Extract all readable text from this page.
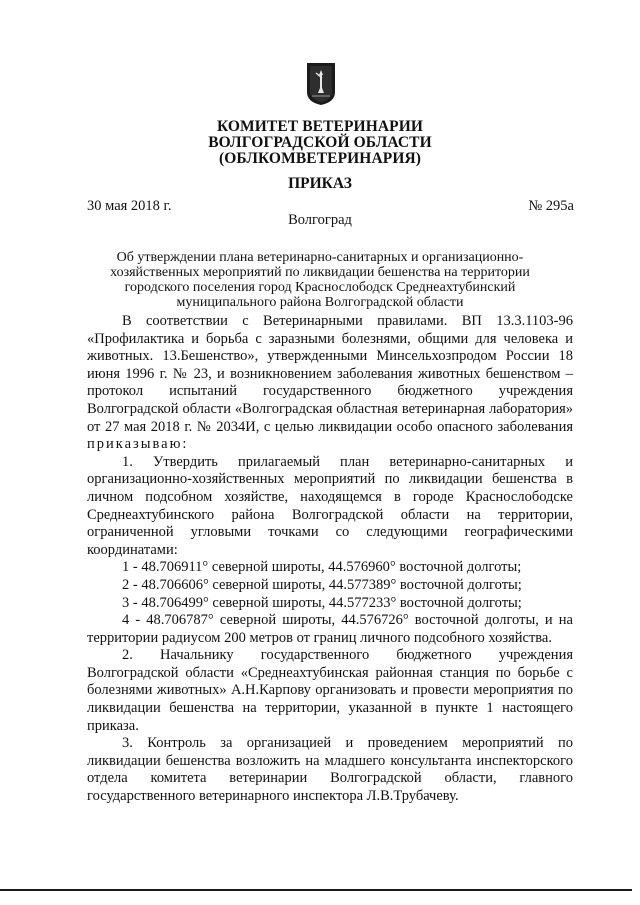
КОМИТЕТ ВЕТЕРИНАРИИ
ВОЛГОГРАДСКОЙ ОБЛАСТИ
(ОБЛКОМВЕТЕРИНАРИЯ)
ПРИКАЗ
30 мая 2018 г.	№ 295а
Волгоград
Об утверждении плана ветеринарно-санитарных и организационно-
хозяйственных мероприятий по ликвидации бешенства на территории
городского поселения город Краснослободск Среднеахтубинский
муниципального района Волгоградской области

В соответствии с Ветеринарными правилами. ВП 13.3.1103-96 «Профилактика и борьба с заразными болезнями, общими для человека и животных. 13.Бешенство», утвержденными Минсельхозпродом России 18 июня 1996 г. № 23, и возникновением заболевания животных бешенством – протокол испытаний государственного бюджетного учреждения Волгоградской области «Волгоградская областная ветеринарная лаборатория» от 27 мая 2018 г. № 2034И, с целью ликвидации особо опасного заболевания приказываю:

1. Утвердить прилагаемый план ветеринарно-санитарных и организационно-хозяйственных мероприятий по ликвидации бешенства в личном подсобном хозяйстве, находящемся в городе Краснослободске Среднеахтубинского района Волгоградской области на территории, ограниченной угловыми точками со следующими географическими координатами:

1 - 48.706911° северной широты, 44.576960° восточной долготы;

2 - 48.706606° северной широты, 44.577389° восточной долготы;

3 - 48.706499° северной широты, 44.577233° восточной долготы;

4 - 48.706787° северной широты, 44.576726° восточной долготы, и на территории радиусом 200 метров от границ личного подсобного хозяйства.

2. Начальнику государственного бюджетного учреждения Волгоградской области «Среднеахтубинская районная станция по борьбе с болезнями животных» А.Н.Карпову организовать и провести мероприятия по ликвидации бешенства на территории, указанной в пункте 1 настоящего приказа.

3. Контроль за организацией и проведением мероприятий по ликвидации бешенства возложить на младшего консультанта инспекторского отдела комитета ветеринарии Волгоградской области, главного государственного ветеринарного инспектора Л.В.Трубачеву.
